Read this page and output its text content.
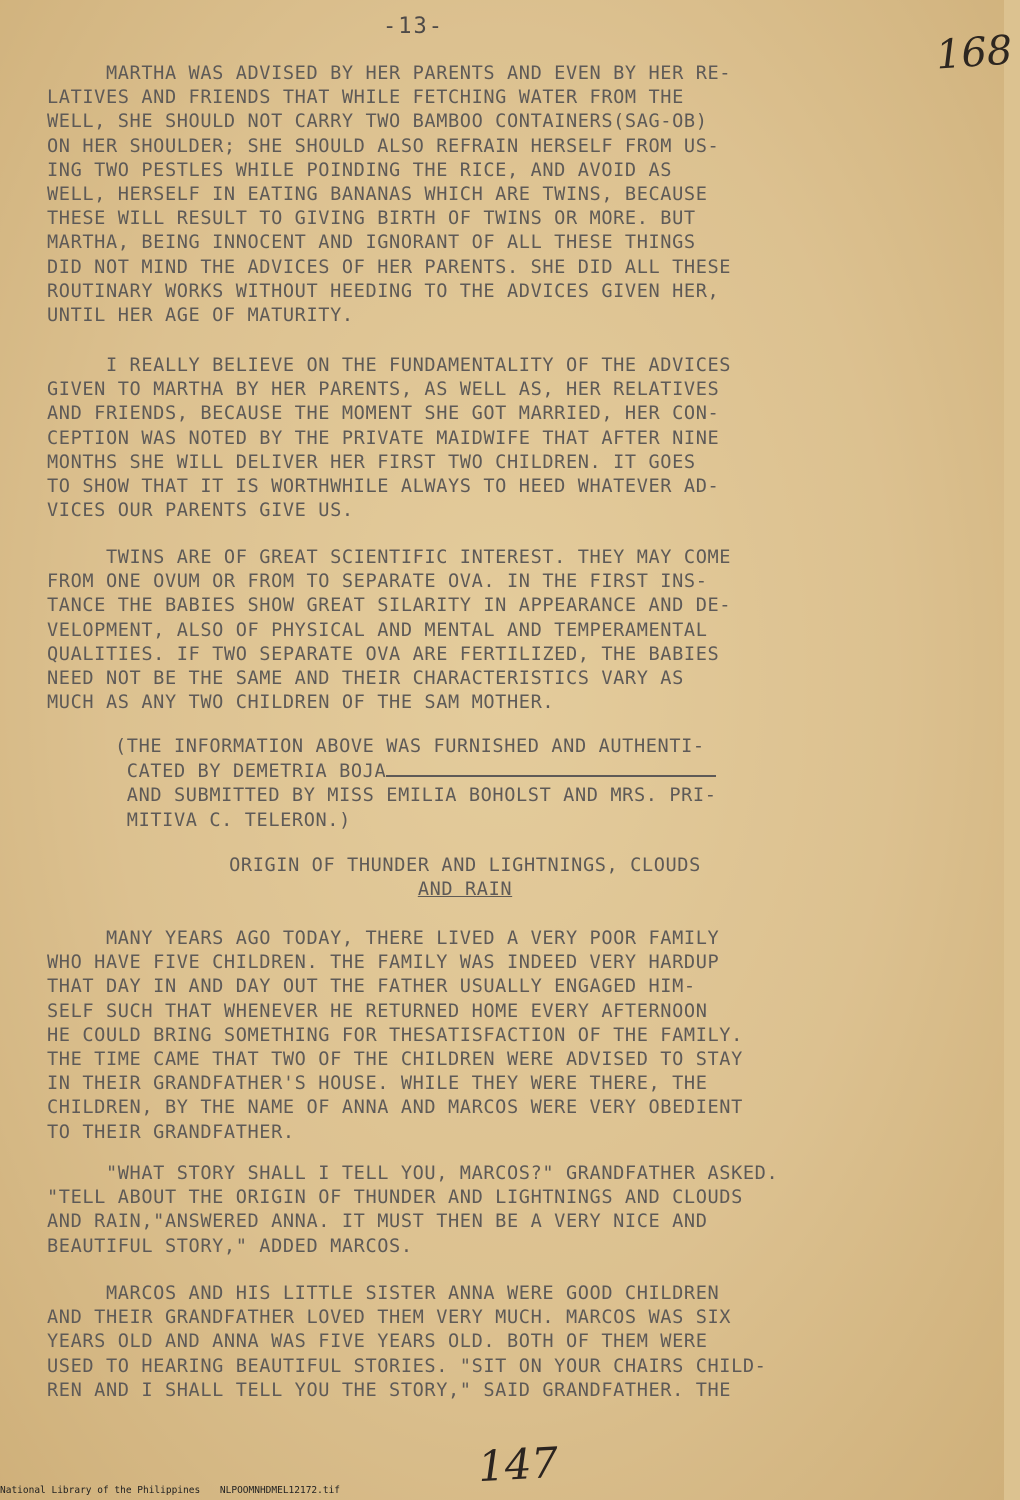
-13-
168
MARTHA WAS ADVISED BY HER PARENTS AND EVEN BY HER RE-
LATIVES AND FRIENDS THAT WHILE FETCHING WATER FROM THE
WELL, SHE SHOULD NOT CARRY TWO BAMBOO CONTAINERS(SAG-OB)
ON HER SHOULDER; SHE SHOULD ALSO REFRAIN HERSELF FROM US-
ING TWO PESTLES WHILE POINDING THE RICE, AND AVOID AS
WELL, HERSELF IN EATING BANANAS WHICH ARE TWINS, BECAUSE
THESE WILL RESULT TO GIVING BIRTH OF TWINS OR MORE. BUT
MARTHA, BEING INNOCENT AND IGNORANT OF ALL THESE THINGS
DID NOT MIND THE ADVICES OF HER PARENTS. SHE DID ALL THESE
ROUTINARY WORKS WITHOUT HEEDING TO THE ADVICES GIVEN HER,
UNTIL HER AGE OF MATURITY.
I REALLY BELIEVE ON THE FUNDAMENTALITY OF THE ADVICES
GIVEN TO MARTHA BY HER PARENTS, AS WELL AS, HER RELATIVES
AND FRIENDS, BECAUSE THE MOMENT SHE GOT MARRIED, HER CON-
CEPTION WAS NOTED BY THE PRIVATE MAIDWIFE THAT AFTER NINE
MONTHS SHE WILL DELIVER HER FIRST TWO CHILDREN. IT GOES
TO SHOW THAT IT IS WORTHWHILE ALWAYS TO HEED WHATEVER AD-
VICES OUR PARENTS GIVE US.
TWINS ARE OF GREAT SCIENTIFIC INTEREST. THEY MAY COME
FROM ONE OVUM OR FROM TO SEPARATE OVA. IN THE FIRST INS-
TANCE THE BABIES SHOW GREAT SILARITY IN APPEARANCE AND DE-
VELOPMENT, ALSO OF PHYSICAL AND MENTAL AND TEMPERAMENTAL
QUALITIES. IF TWO SEPARATE OVA ARE FERTILIZED, THE BABIES
NEED NOT BE THE SAME AND THEIR CHARACTERISTICS VARY AS
MUCH AS ANY TWO CHILDREN OF THE SAM MOTHER.
(THE INFORMATION ABOVE WAS FURNISHED AND AUTHENTI-
CATED BY DEMETRIA BOJA
AND SUBMITTED BY MISS EMILIA BOHOLST AND MRS. PRI-
MITIVA C. TELERON.)
ORIGIN OF THUNDER AND LIGHTNINGS, CLOUDS
AND RAIN
MANY YEARS AGO TODAY, THERE LIVED A VERY POOR FAMILY
WHO HAVE FIVE CHILDREN. THE FAMILY WAS INDEED VERY HARDUP
THAT DAY IN AND DAY OUT THE FATHER USUALLY ENGAGED HIM-
SELF SUCH THAT WHENEVER HE RETURNED HOME EVERY AFTERNOON
HE COULD BRING SOMETHING FOR THESATISFACTION OF THE FAMILY.
THE TIME CAME THAT TWO OF THE CHILDREN WERE ADVISED TO STAY
IN THEIR GRANDFATHER'S HOUSE. WHILE THEY WERE THERE, THE
CHILDREN, BY THE NAME OF ANNA AND MARCOS WERE VERY OBEDIENT
TO THEIR GRANDFATHER.
"WHAT STORY SHALL I TELL YOU, MARCOS?" GRANDFATHER ASKED.
"TELL ABOUT THE ORIGIN OF THUNDER AND LIGHTNINGS AND CLOUDS
AND RAIN,"ANSWERED ANNA. IT MUST THEN BE A VERY NICE AND
BEAUTIFUL STORY," ADDED MARCOS.
MARCOS AND HIS LITTLE SISTER ANNA WERE GOOD CHILDREN
AND THEIR GRANDFATHER LOVED THEM VERY MUCH. MARCOS WAS SIX
YEARS OLD AND ANNA WAS FIVE YEARS OLD. BOTH OF THEM WERE
USED TO HEARING BEAUTIFUL STORIES. "SIT ON YOUR CHAIRS CHILD-
REN AND I SHALL TELL YOU THE STORY," SAID GRANDFATHER. THE
147
National Library of the Philippines NLPOOMNHDMEL12172.tif
